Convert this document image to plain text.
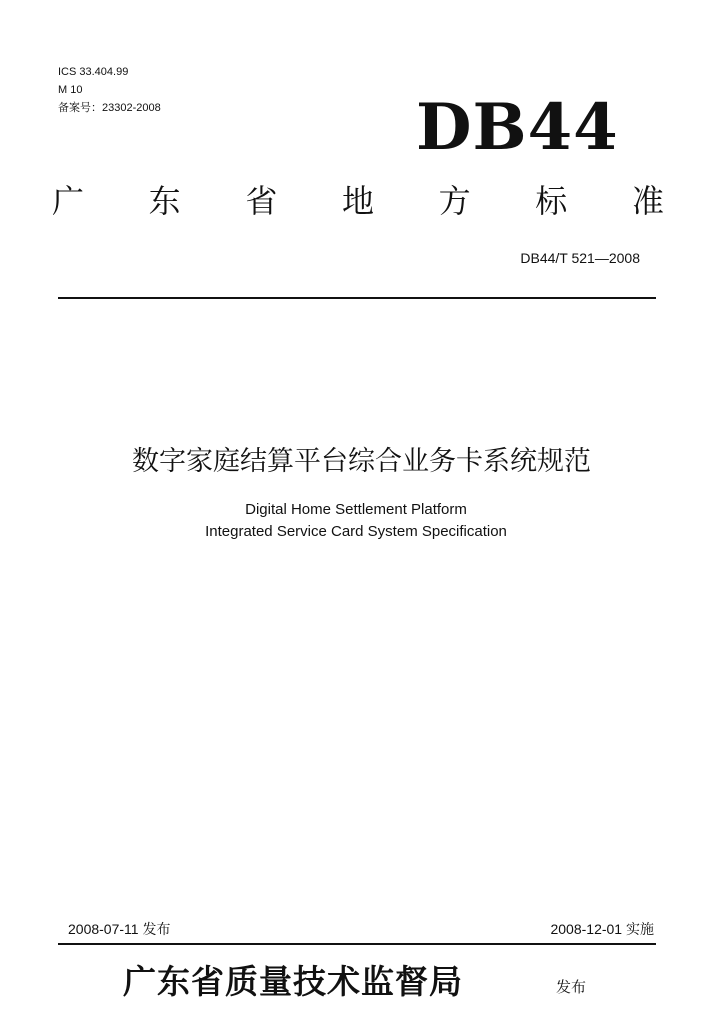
ICS 33.404.99
M 10
备案号：23302-2008	DB44
广 东 省 地 方 标 准
DB44/T 521—2008
数字家庭结算平台综合业务卡系统规范
Digital Home Settlement Platform
Integrated Service Card System Specification
2008-07-11 发布	2008-12-01 实施
广东省质量技术监督局	发布
